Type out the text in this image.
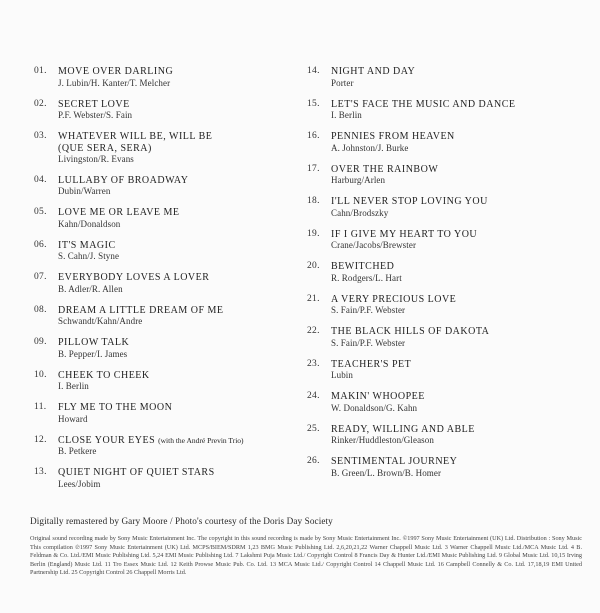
01. MOVE OVER DARLING
J. Lubin/H. Kanter/T. Melcher
02. SECRET LOVE
P.F. Webster/S. Fain
03. WHATEVER WILL BE, WILL BE
(QUE SERA, SERA)
Livingston/R. Evans
04. LULLABY OF BROADWAY
Dubin/Warren
05. LOVE ME OR LEAVE ME
Kahn/Donaldson
06. IT'S MAGIC
S. Cahn/J. Styne
07. EVERYBODY LOVES A LOVER
B. Adler/R. Allen
08. DREAM A LITTLE DREAM OF ME
Schwandt/Kahn/Andre
09. PILLOW TALK
B. Pepper/I. James
10. CHEEK TO CHEEK
I. Berlin
11. FLY ME TO THE MOON
Howard
12. CLOSE YOUR EYES (with the André Previn Trio)
B. Petkere
13. QUIET NIGHT OF QUIET STARS
Lees/Jobim
14. NIGHT AND DAY
Porter
15. LET'S FACE THE MUSIC AND DANCE
I. Berlin
16. PENNIES FROM HEAVEN
A. Johnston/J. Burke
17. OVER THE RAINBOW
Harburg/Arlen
18. I'LL NEVER STOP LOVING YOU
Cahn/Brodszky
19. IF I GIVE MY HEART TO YOU
Crane/Jacobs/Brewster
20. BEWITCHED
R. Rodgers/L. Hart
21. A VERY PRECIOUS LOVE
S. Fain/P.F. Webster
22. THE BLACK HILLS OF DAKOTA
S. Fain/P.F. Webster
23. TEACHER'S PET
Lubin
24. MAKIN' WHOOPEE
W. Donaldson/G. Kahn
25. READY, WILLING AND ABLE
Rinker/Huddleston/Gleason
26. SENTIMENTAL JOURNEY
B. Green/L. Brown/B. Homer
Digitally remastered by Gary Moore / Photo's courtesy of the Doris Day Society
Original sound recording made by Sony Music Entertainment Inc. The copyright in this sound recording is made by Sony Music Entertainment Inc. ©1997 Sony Music Entertainment (UK) Ltd. Distribution : Sony Music This compilation ℗1997 Sony Music Entertainment (UK) Ltd. MCPS/BIEM/SDRM 1,23 BMG Music Publishing Ltd. 2,6,20,21,22 Warner Chappell Music Ltd. 3 Warner Chappell Music Ltd./MCA Music Ltd. 4 B. Feldman & Co. Ltd./EMI Music Publishing Ltd. 5,24 EMI Music Publishing Ltd. 7 Lakshmi Puja Music Ltd./ Copyright Control 8 Francis Day & Hunter Ltd./EMI Music Publishing Ltd. 9 Global Music Ltd. 10,15 Irving Berlin (England) Music Ltd. 11 Tro Essex Music Ltd. 12 Keith Prowse Music Pub. Co. Ltd. 13 MCA Music Ltd./ Copyright Control 14 Chappell Music Ltd. 16 Campbell Connelly & Co. Ltd. 17,18,19 EMI United Partnership Ltd. 25 Copyright Control 26 Chappell Morris Ltd.
